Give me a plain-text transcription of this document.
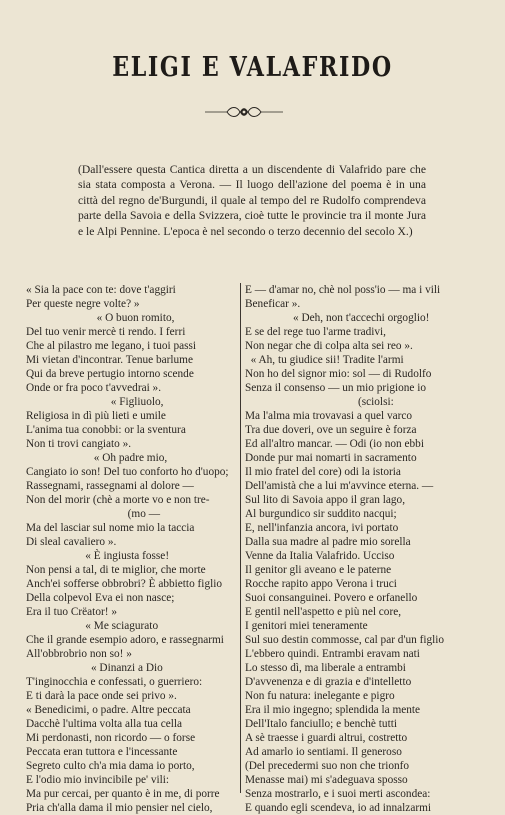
ELIGI E VALAFRIDO
(Dall'essere questa Cantica diretta a un discendente di Valafrido pare che sia stata composta a Verona. — Il luogo dell'azione del poema è in una città del regno de'Burgundi, il quale al tempo del re Rudolfo comprendeva parte della Savoia e della Svizzera, cioè tutte le provincie tra il monte Jura e le Alpi Pennine. L'epoca è nel secondo o terzo decennio del secolo X.)
« Sia la pace con te: dove t'aggiri
Per queste negre volte? »
« O buon romito,
Del tuo venir mercè ti rendo. I ferri
Che al pilastro me legano, i tuoi passi
Mi vietan d'incontrar. Tenue barlume
Qui da breve pertugio intorno scende
Onde or fra poco t'avvedrai ».
« Figliuolo,
Religiosa in dì più lieti e umile
L'anima tua conobbi: or la sventura
Non ti trovi cangiato ».
« Oh padre mio,
Cangiato io son! Del tuo conforto ho d'uopo;
Rassegnami, rassegnami al dolore —
Non del morir (chè a morte vo e non tre-
(mo —
Ma del lasciar sul nome mio la taccia
Di sleal cavaliero ».
« È ingiusta fosse!
Non pensi a tal, di te miglior, che morte
Anch'ei sofferse obbrobri? È abbietto figlio
Della colpevol Eva ei non nasce;
Era il tuo Crëator! »
« Me sciagurato
Che il grande esempio adoro, e rassegnarmi
All'obbrobrio non so! »
« Dinanzi a Dio
T'inginocchia e confessati, o guerriero:
E ti darà la pace onde sei privo ».
« Benedicimi, o padre. Altre peccata
Dacchè l'ultima volta alla tua cella
Mi perdonasti, non ricordo — o forse
Peccata eran tuttora e l'incessante
Segreto culto ch'a mia dama io porto,
E l'odio mio invincibile pe' vili:
Ma pur cercai, per quanto è in me, di porre
Pria ch'alla dama il mio pensier nel cielo,
E — d'amar no, chè nol poss'io — ma i vili
Beneficar ».
« Deh, non t'accechi orgoglio!
E se del rege tuo l'arme tradivi,
Non negar che di colpa alta sei reo ».
« Ah, tu giudice sii! Tradite l'armi
Non ho del signor mio: sol — di Rudolfo
Senza il consenso — un mio prigione io
(sciolsi:
Ma l'alma mia trovavasi a quel varco
Tra due doveri, ove un seguire è forza
Ed all'altro mancar. — Odi (io non ebbi
Donde pur mai nomarti in sacramento
Il mio fratel del core) odi la istoria
Dell'amistà che a lui m'avvince eterna. —
Sul lito di Savoia appo il gran lago,
Al burgundico sir suddito nacqui;
E, nell'infanzia ancora, ivi portato
Dalla sua madre al padre mio sorella
Venne da Italia Valafrido. Ucciso
Il genitor gli aveano e le paterne
Rocche rapito appo Verona i truci
Suoi consanguinei. Povero e orfanello
E gentil nell'aspetto e più nel core,
I genitori miei teneramente
Sul suo destin commosse, cal par d'un figlio
L'ebbero quindi. Entrambi eravam nati
Lo stesso dì, ma liberale a entrambi
D'avvenenza e di grazia e d'intelletto
Non fu natura: inelegante e pigro
Era il mio ingegno; splendida la mente
Dell'Italo fanciullo; e benchè tutti
A sè traesse i guardi altrui, costretto
Ad amarlo io sentiami. Il generoso
(Del precedermi suo non che trionfo
Menasse mai) mi s'adeguava sposso
Senza mostrarlo, e i suoi merti ascondea:
E quando egli scendeva, io ad innalzarmi
